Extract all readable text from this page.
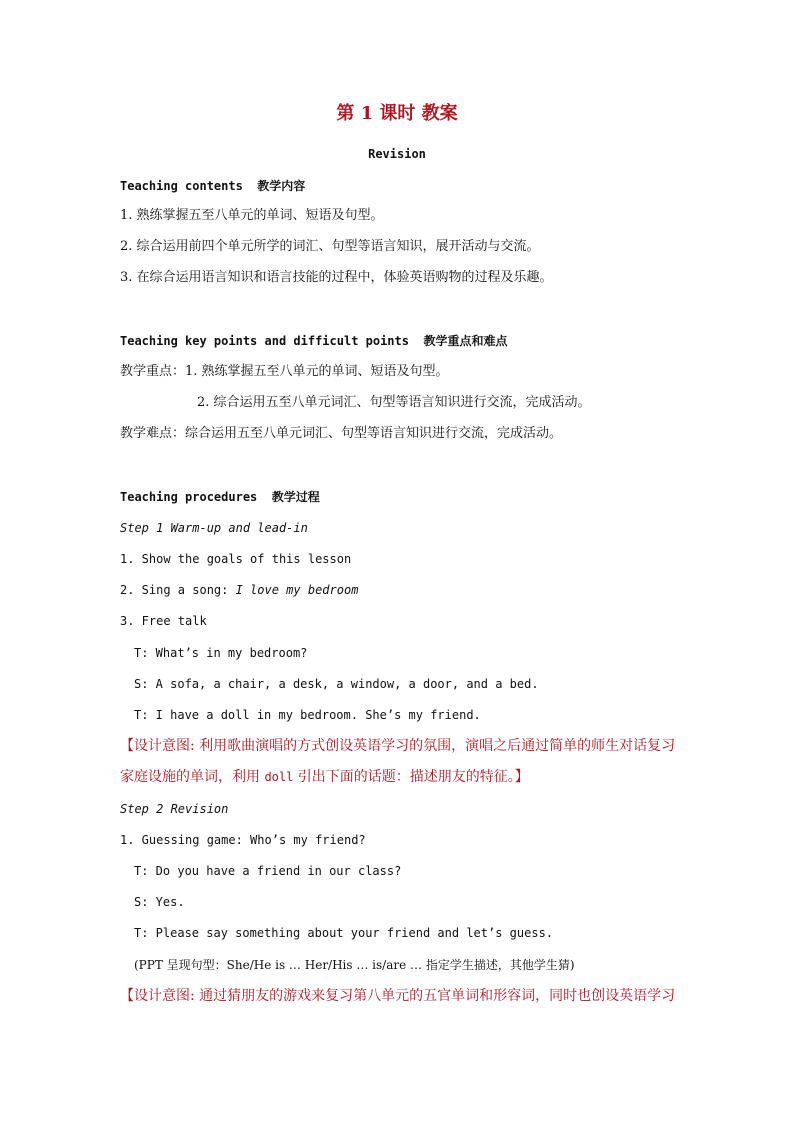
第 1 课时 教案
Revision
Teaching contents 教学内容
1. 熟练掌握五至八单元的单词、短语及句型。
2. 综合运用前四个单元所学的词汇、句型等语言知识，展开活动与交流。
3. 在综合运用语言知识和语言技能的过程中，体验英语购物的过程及乐趣。
Teaching key points and difficult points 教学重点和难点
教学重点：1. 熟练掌握五至八单元的单词、短语及句型。
2. 综合运用五至八单元词汇、句型等语言知识进行交流，完成活动。
教学难点：综合运用五至八单元词汇、句型等语言知识进行交流，完成活动。
Teaching procedures 教学过程
Step 1 Warm-up and lead-in
1. Show the goals of this lesson
2. Sing a song: I love my bedroom
3. Free talk
T: What’s in my bedroom?
S: A sofa, a chair, a desk, a window, a door, and a bed.
T: I have a doll in my bedroom. She’s my friend.
【设计意图: 利用歌曲演唱的方式创设英语学习的氛围，演唱之后通过简单的师生对话复习
家庭设施的单词，利用 doll 引出下面的话题：描述朋友的特征。】
Step 2 Revision
1. Guessing game: Who’s my friend?
T: Do you have a friend in our class?
S: Yes.
T: Please say something about your friend and let’s guess.
(PPT 呈现句型：She/He is … Her/His … is/are … 指定学生描述，其他学生猜)
【设计意图: 通过猜朋友的游戏来复习第八单元的五官单词和形容词，同时也创设英语学习
